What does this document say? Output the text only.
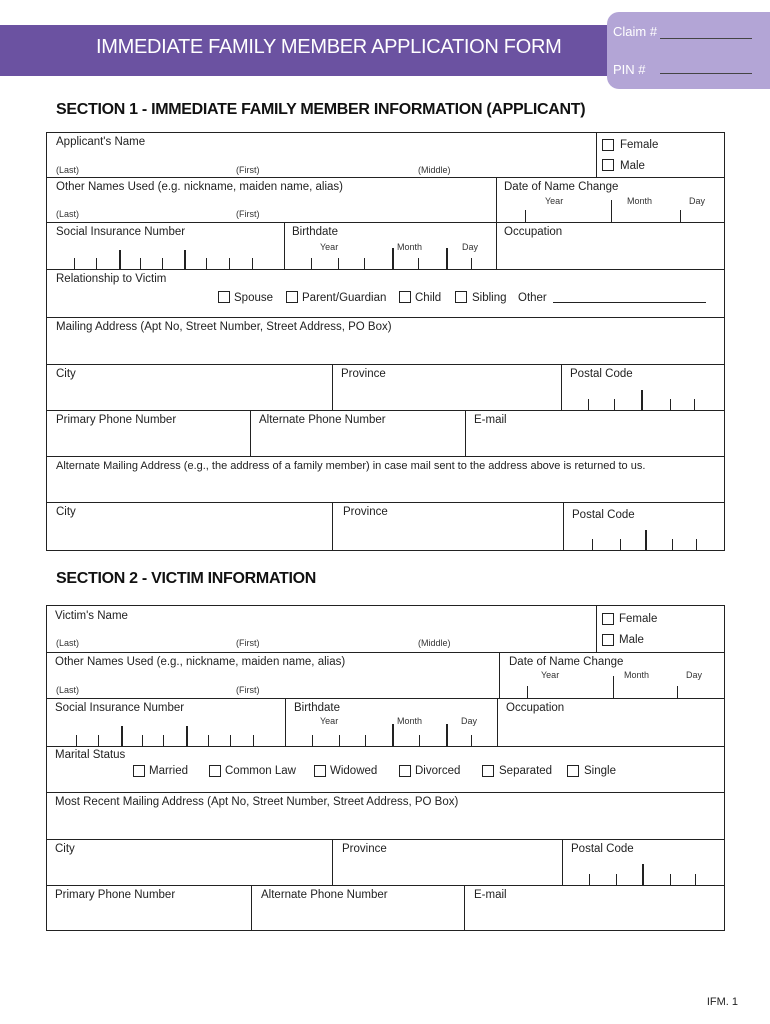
IMMEDIATE FAMILY MEMBER APPLICATION FORM
Claim #
PIN #
SECTION 1 - IMMEDIATE FAMILY MEMBER INFORMATION (APPLICANT)
Applicant's Name
(Last)	(First)	(Middle)
Female
Male
Other Names Used (e.g. nickname, maiden name, alias)
(Last)	(First)
Date of Name Change
Year	Month	Day
Social Insurance Number	Birthdate
Year	Month	Day
Occupation
Relationship to Victim
Spouse	Parent/Guardian Child	Sibling Other
Mailing Address (Apt No, Street Number, Street Address, PO Box)
City	Province	Postal Code
Primary Phone Number	Alternate Phone Number	E-mail
Alternate Mailing Address (e.g., the address of a family member) in case mail sent to the address above is returned to us.
City	Province	Postal Code
SECTION 2 - VICTIM INFORMATION
Victim's Name
(Last)	(First)	(Middle)
Female
Male
Other Names Used (e.g., nickname, maiden name, alias)
(Last)	(First)
Date of Name Change
Year	Month	Day
Social Insurance Number	Birthdate
Year	Month	Day
Occupation
Marital Status
Married	Common Law	Widowed	Divorced	Separated	Single
Most Recent Mailing Address (Apt No, Street Number, Street Address, PO Box)
City	Province	Postal Code
Primary Phone Number	Alternate Phone Number	E-mail
IFM. 1
